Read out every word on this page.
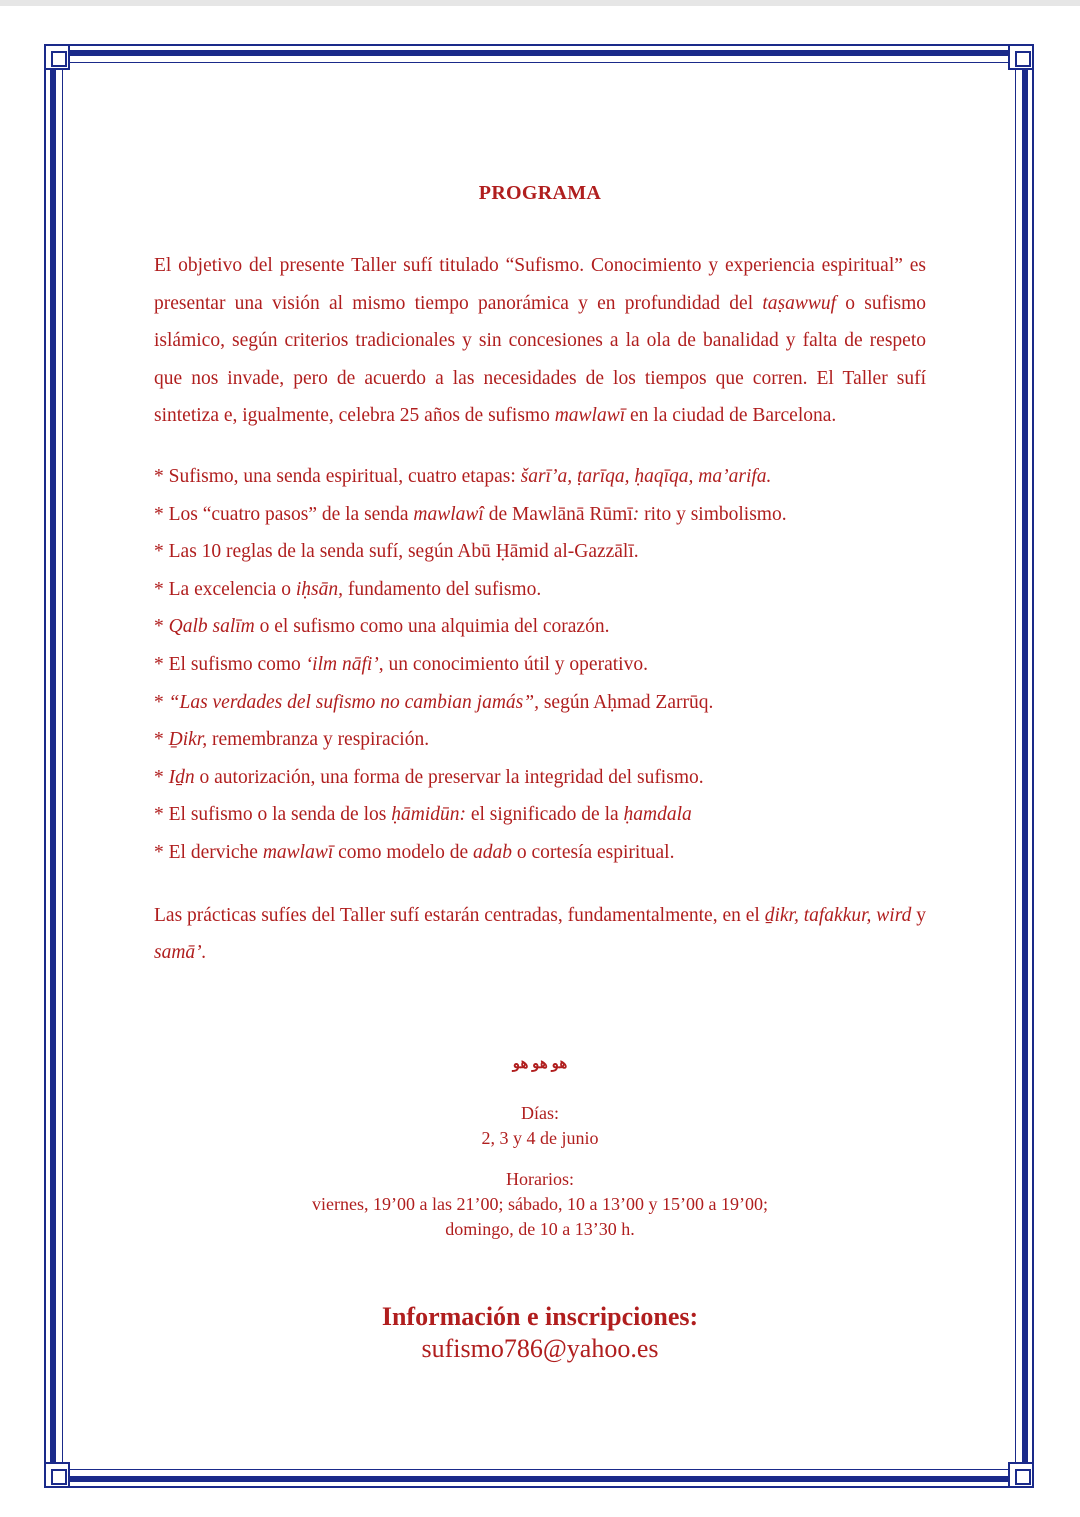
PROGRAMA

El objetivo del presente Taller sufí titulado “Sufismo. Conocimiento y experiencia espiritual” es presentar una visión al mismo tiempo panorámica y en profundidad del taṣawwuf o sufismo islámico, según criterios tradicionales y sin concesiones a la ola de banalidad y falta de respeto que nos invade, pero de acuerdo a las necesidades de los tiempos que corren. El Taller sufí sintetiza e, igualmente, celebra 25 años de sufismo mawlawī en la ciudad de Barcelona.

* Sufismo, una senda espiritual, cuatro etapas: šarī’a, ṭarīqa, ḥaqīqa, ma’arifa.
* Los “cuatro pasos” de la senda mawlawî de Mawlānā Rūmī: rito y simbolismo.
* Las 10 reglas de la senda sufí, según Abū Ḥāmid al-Gazzālī.
* La excelencia o iḥsān, fundamento del sufismo.
* Qalb salīm o el sufismo como una alquimia del corazón.
* El sufismo como ‘ilm nāfi’, un conocimiento útil y operativo.
* “Las verdades del sufismo no cambian jamás”, según Aḥmad Zarrūq.
* Ḏikr, remembranza y respiración.
* Iḏn o autorización, una forma de preservar la integridad del sufismo.
* El sufismo o la senda de los ḥāmidūn: el significado de la ḥamdala
* El derviche mawlawī como modelo de adab o cortesía espiritual.

Las prácticas sufíes del Taller sufí estarán centradas, fundamentalmente, en el ḏikr, tafakkur, wird y samā’.

هو هو هو
Días:
2, 3 y 4 de junio
Horarios:
viernes, 19’00 a las 21’00; sábado, 10 a 13’00 y 15’00 a 19’00;
domingo, de 10 a 13’30 h.
Información e inscripciones:
sufismo786@yahoo.es
